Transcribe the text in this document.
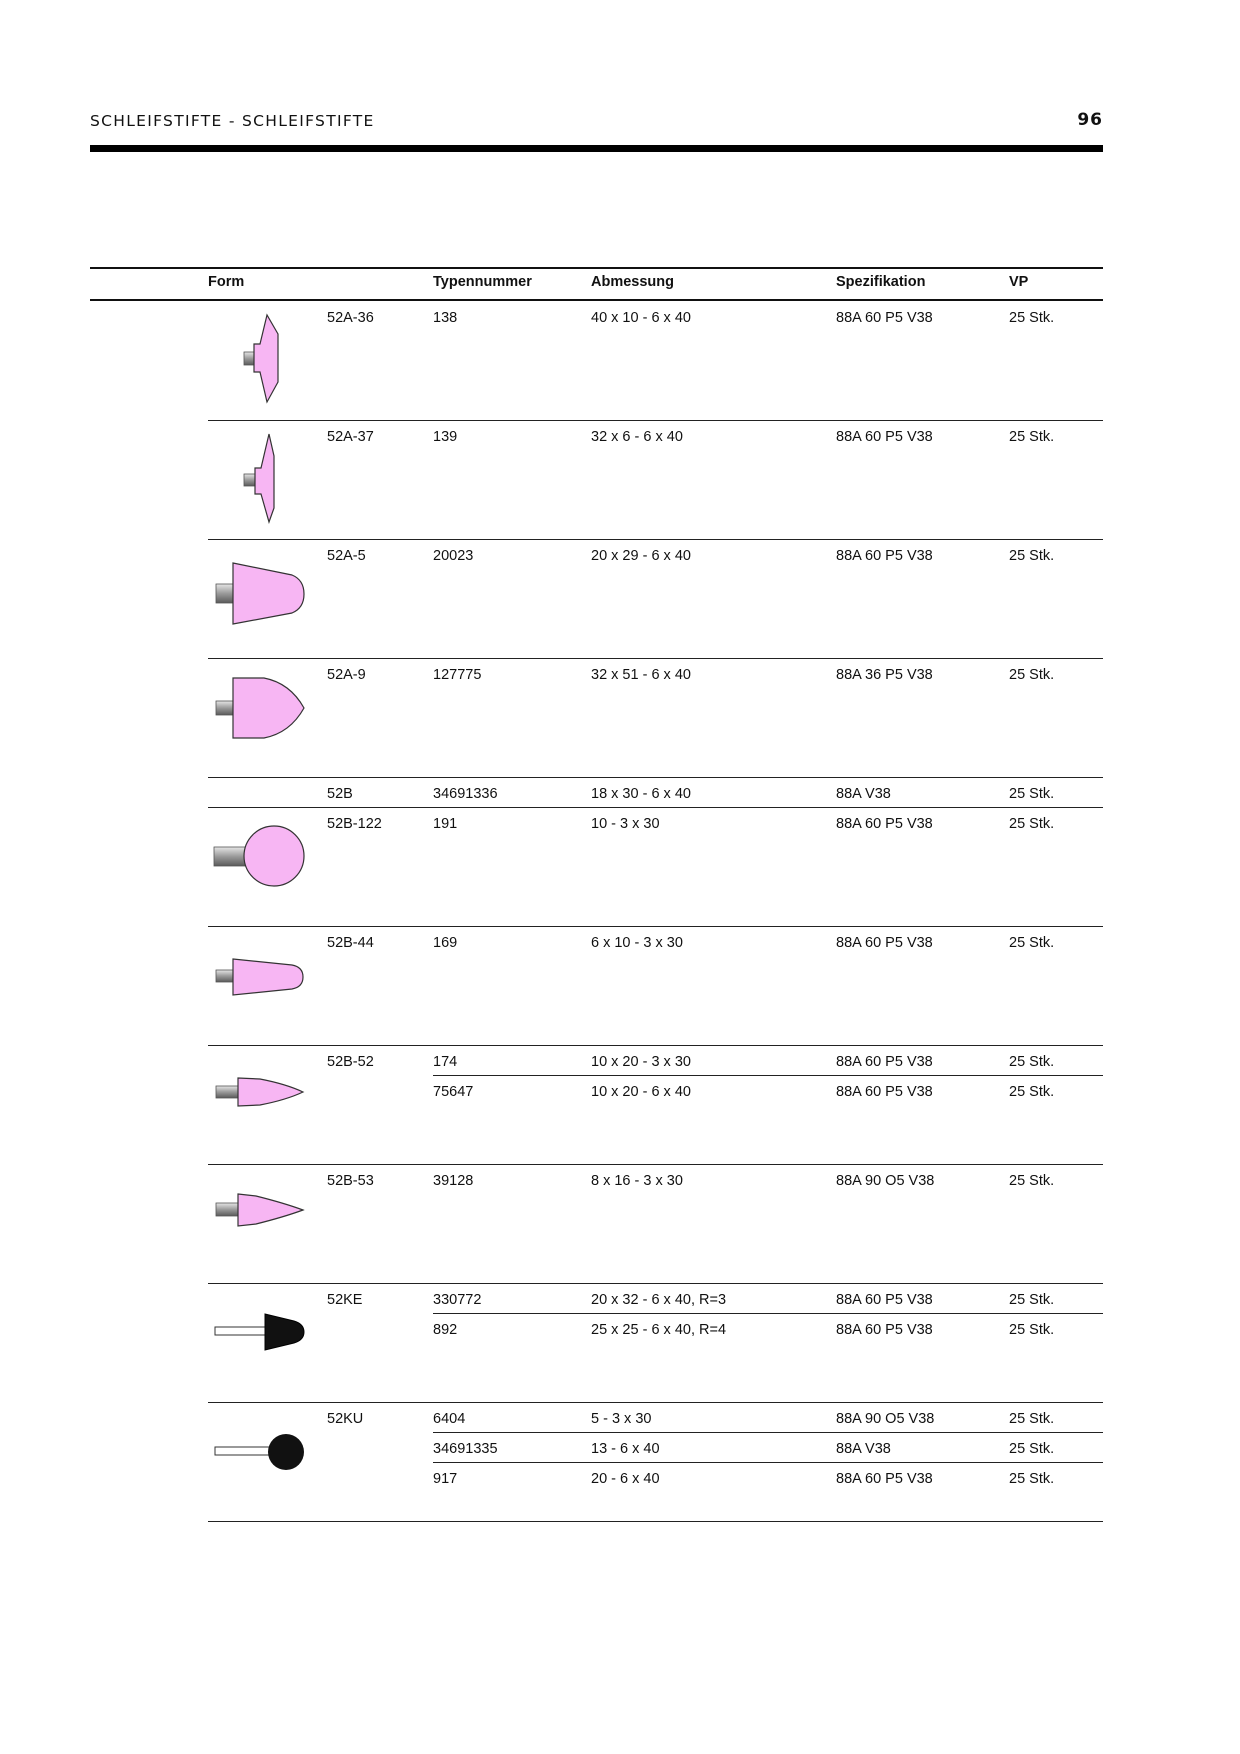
SCHLEIFSTIFTE - SCHLEIFSTIFTE	96
Form	Typennummer	Abmessung	Spezifikation	VP
52A-36	138	40 x 10 - 6 x 40	88A 60 P5 V38	25 Stk.
52A-37	139	32 x 6 - 6 x 40	88A 60 P5 V38	25 Stk.
52A-5	20023	20 x 29 - 6 x 40	88A 60 P5 V38	25 Stk.
52A-9	127775	32 x 51 - 6 x 40	88A 36 P5 V38	25 Stk.
52B	34691336	18 x 30 - 6 x 40	88A V38	25 Stk.
52B-122	191	10 - 3 x 30	88A 60 P5 V38	25 Stk.
52B-44	169	6 x 10 - 3 x 30	88A 60 P5 V38	25 Stk.
52B-52	174	10 x 20 - 3 x 30	88A 60 P5 V38	25 Stk.
75647	10 x 20 - 6 x 40	88A 60 P5 V38	25 Stk.
52B-53	39128	8 x 16 - 3 x 30	88A 90 O5 V38	25 Stk.
52KE	330772	20 x 32 - 6 x 40, R=3	88A 60 P5 V38	25 Stk.
892	25 x 25 - 6 x 40, R=4	88A 60 P5 V38	25 Stk.
52KU	6404	5 - 3 x 30	88A 90 O5 V38	25 Stk.
34691335	13 - 6 x 40	88A V38	25 Stk.
917	20 - 6 x 40	88A 60 P5 V38	25 Stk.
